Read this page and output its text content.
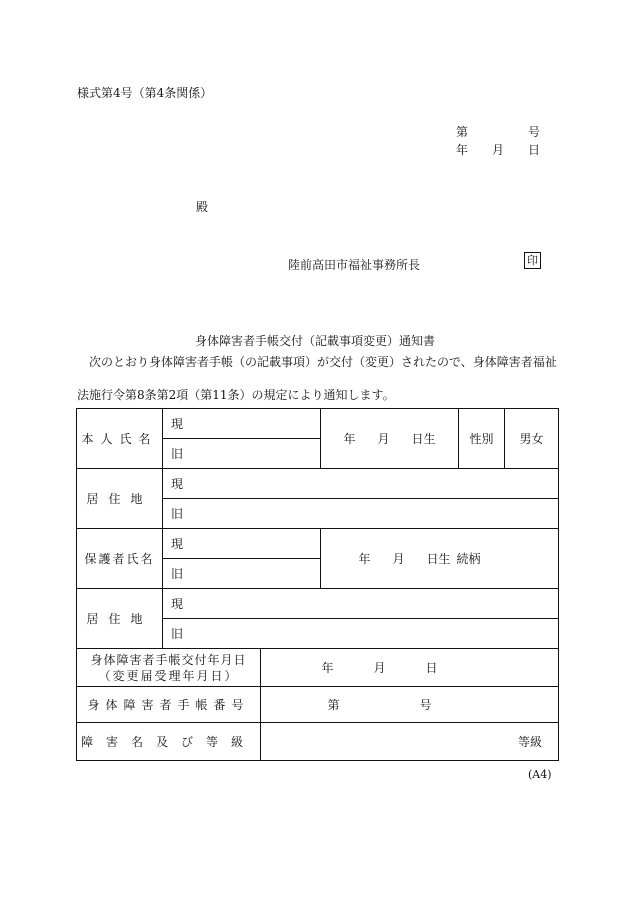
様式第4号（第4条関係）
第	号
年 月 日
殿
陸前高田市福祉事務所長	印
身体障害者手帳交付（記載事項変更）通知書
次のとおり身体障害者手帳（の記載事項）が交付（変更）されたので、身体障害者福祉法施行令第8条第2項（第11条）の規定により通知します。
本人氏名	現		年 月 日生	性別	男女
	旧				
居住地	現				
	旧				
保護者氏名	現		年 月 日生 続柄		
	旧				
居住地	現				
	旧				

身体障害者手帳交付年月日
（変更届受理年月日）		年 月 日			
身体障害者手帳番号		第 号			
障害名及び等級		等級			
(A4)
